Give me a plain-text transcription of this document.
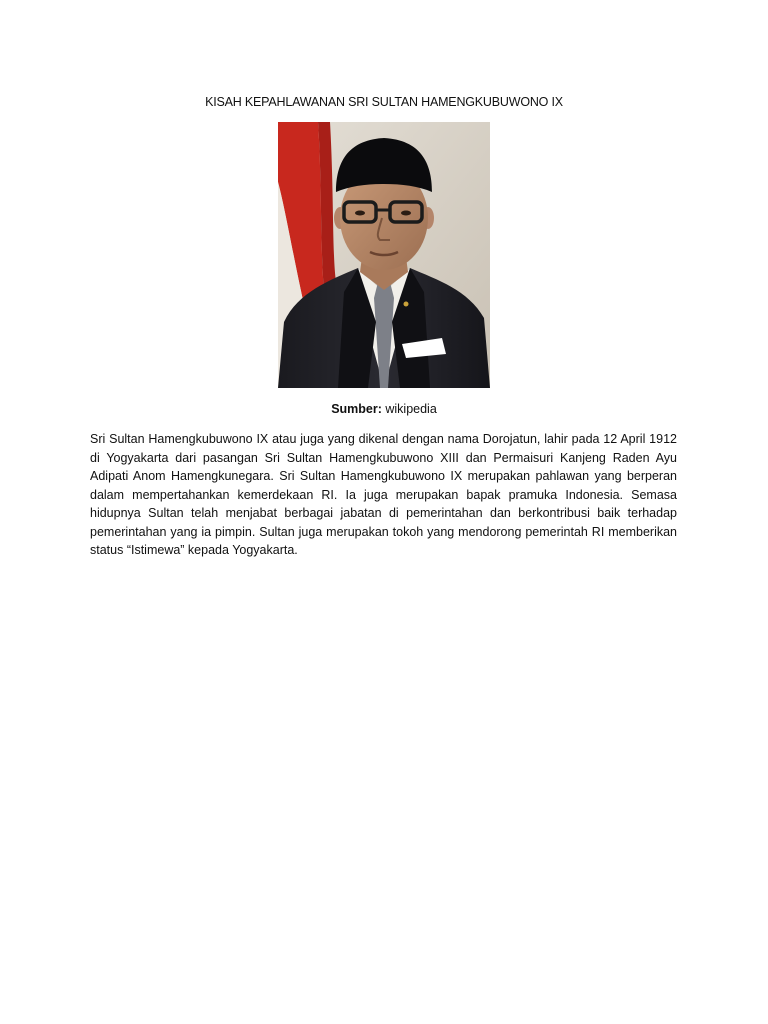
KISAH KEPAHLAWANAN SRI SULTAN HAMENGKUBUWONO IX
Sumber: wikipedia

Sri Sultan Hamengkubuwono IX atau juga yang dikenal dengan nama Dorojatun, lahir pada 12 April 1912 di Yogyakarta dari pasangan Sri Sultan Hamengkubuwono XIII dan Permaisuri Kanjeng Raden Ayu Adipati Anom Hamengkunegara. Sri Sultan Hamengkubuwono IX merupakan pahlawan yang berperan dalam mempertahankan kemerdekaan RI. Ia juga merupakan bapak pramuka Indonesia. Semasa hidupnya Sultan telah menjabat berbagai jabatan di pemerintahan dan berkontribusi baik terhadap pemerintahan yang ia pimpin. Sultan juga merupakan tokoh yang mendorong pemerintah RI memberikan status “Istimewa” kepada Yogyakarta.
